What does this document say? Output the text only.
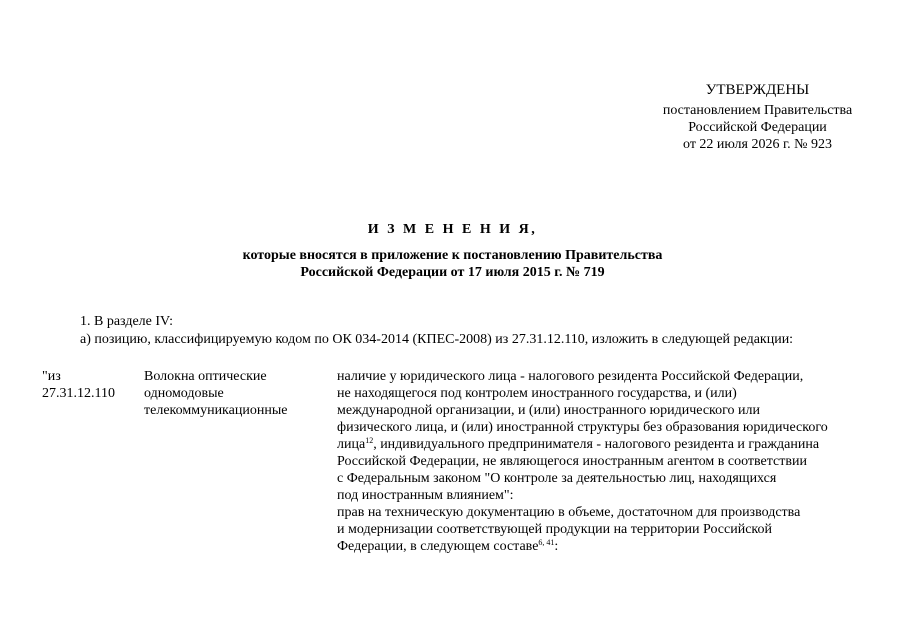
УТВЕРЖДЕНЫ
постановлением Правительства
Российской Федерации
от 22 июля 2026 г. № 923
И З М Е Н Е Н И Я,
которые вносятся в приложение к постановлению Правительства
Российской Федерации от 17 июля 2015 г. № 719
1. В разделе IV:
а) позицию, классифицируемую кодом по ОК 034-2014 (КПЕС-2008) из 27.31.12.110, изложить в следующей редакции:
"из
27.31.12.110
Волокна оптические
одномодовые
телекоммуникационные
наличие у юридического лица - налогового резидента Российской Федерации,
не находящегося под контролем иностранного государства, и (или)
международной организации, и (или) иностранного юридического или
физического лица, и (или) иностранной структуры без образования юридического
лица$^{12}$, индивидуального предпринимателя - налогового резидента и гражданина
Российской Федерации, не являющегося иностранным агентом в соответствии
с Федеральным законом "О контроле за деятельностью лиц, находящихся
под иностранным влиянием":
прав на техническую документацию в объеме, достаточном для производства
и модернизации соответствующей продукции на территории Российской
Федерации, в следующем составе$^{6, 41}$:
